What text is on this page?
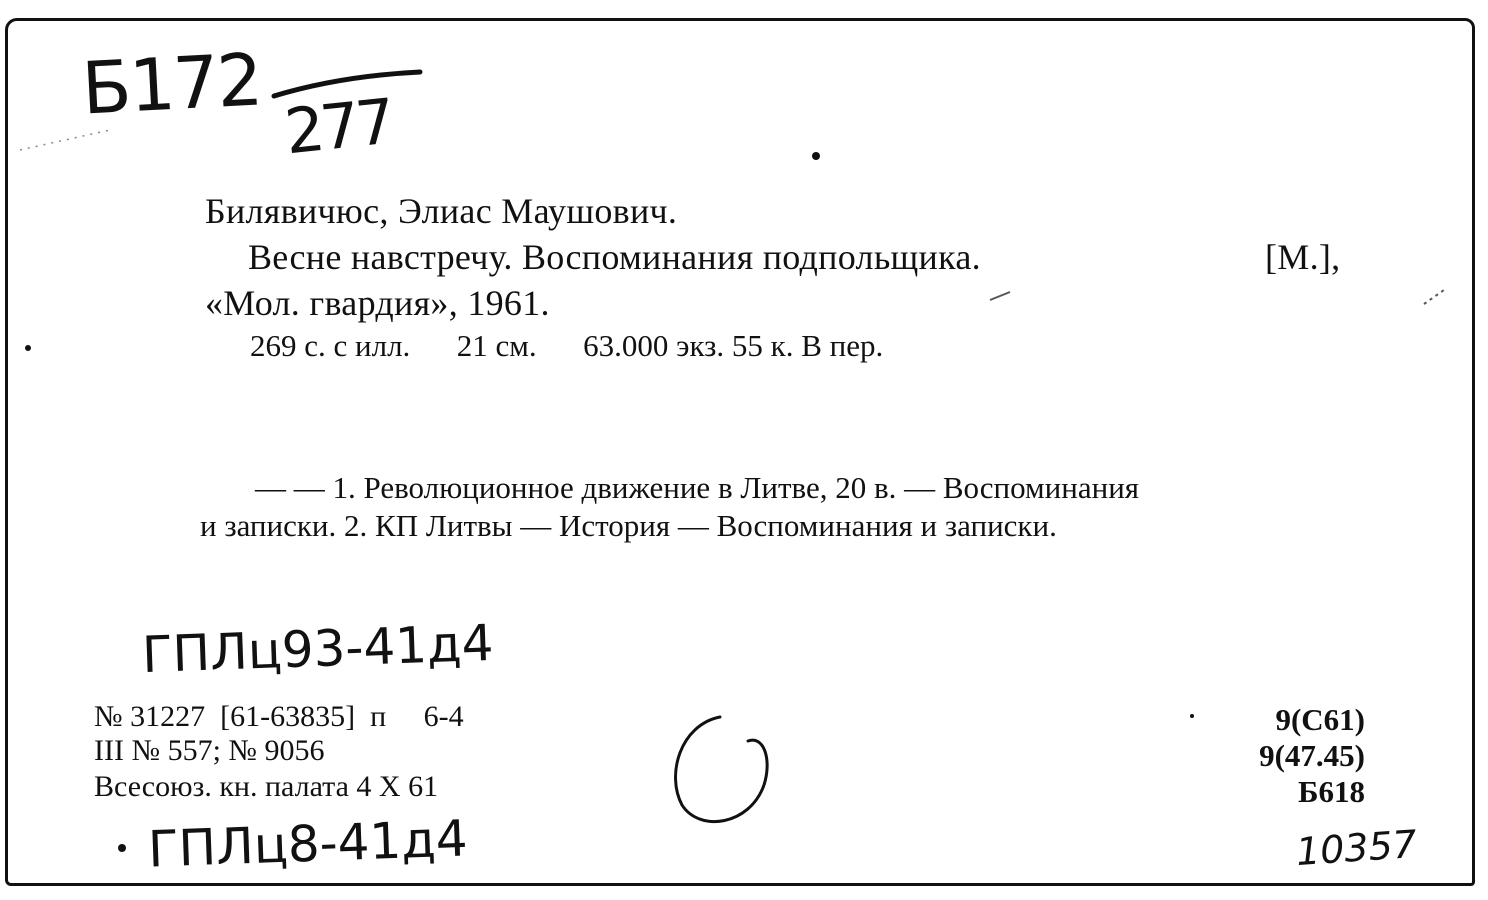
Б172 277
Билявичюс, Элиас Маушович.
Весне навстречу. Воспоминания подпольщика.	[М.],
«Мол. гвардия», 1961.
269 с. с илл.      21 см.      63.000 экз. 55 к. В пер.
— — 1. Революционное движение в Литве, 20 в. — Воспоминания
и записки. 2. КП Литвы — История — Воспоминания и записки.
ГПЛц93-41д4
ГПЛц8-41д4
№ 31227  [61-63835]  п     6-4
III № 557; № 9056
Всесоюз. кн. палата 4 X 61
9(С61)
9(47.45)
Б618
10357
